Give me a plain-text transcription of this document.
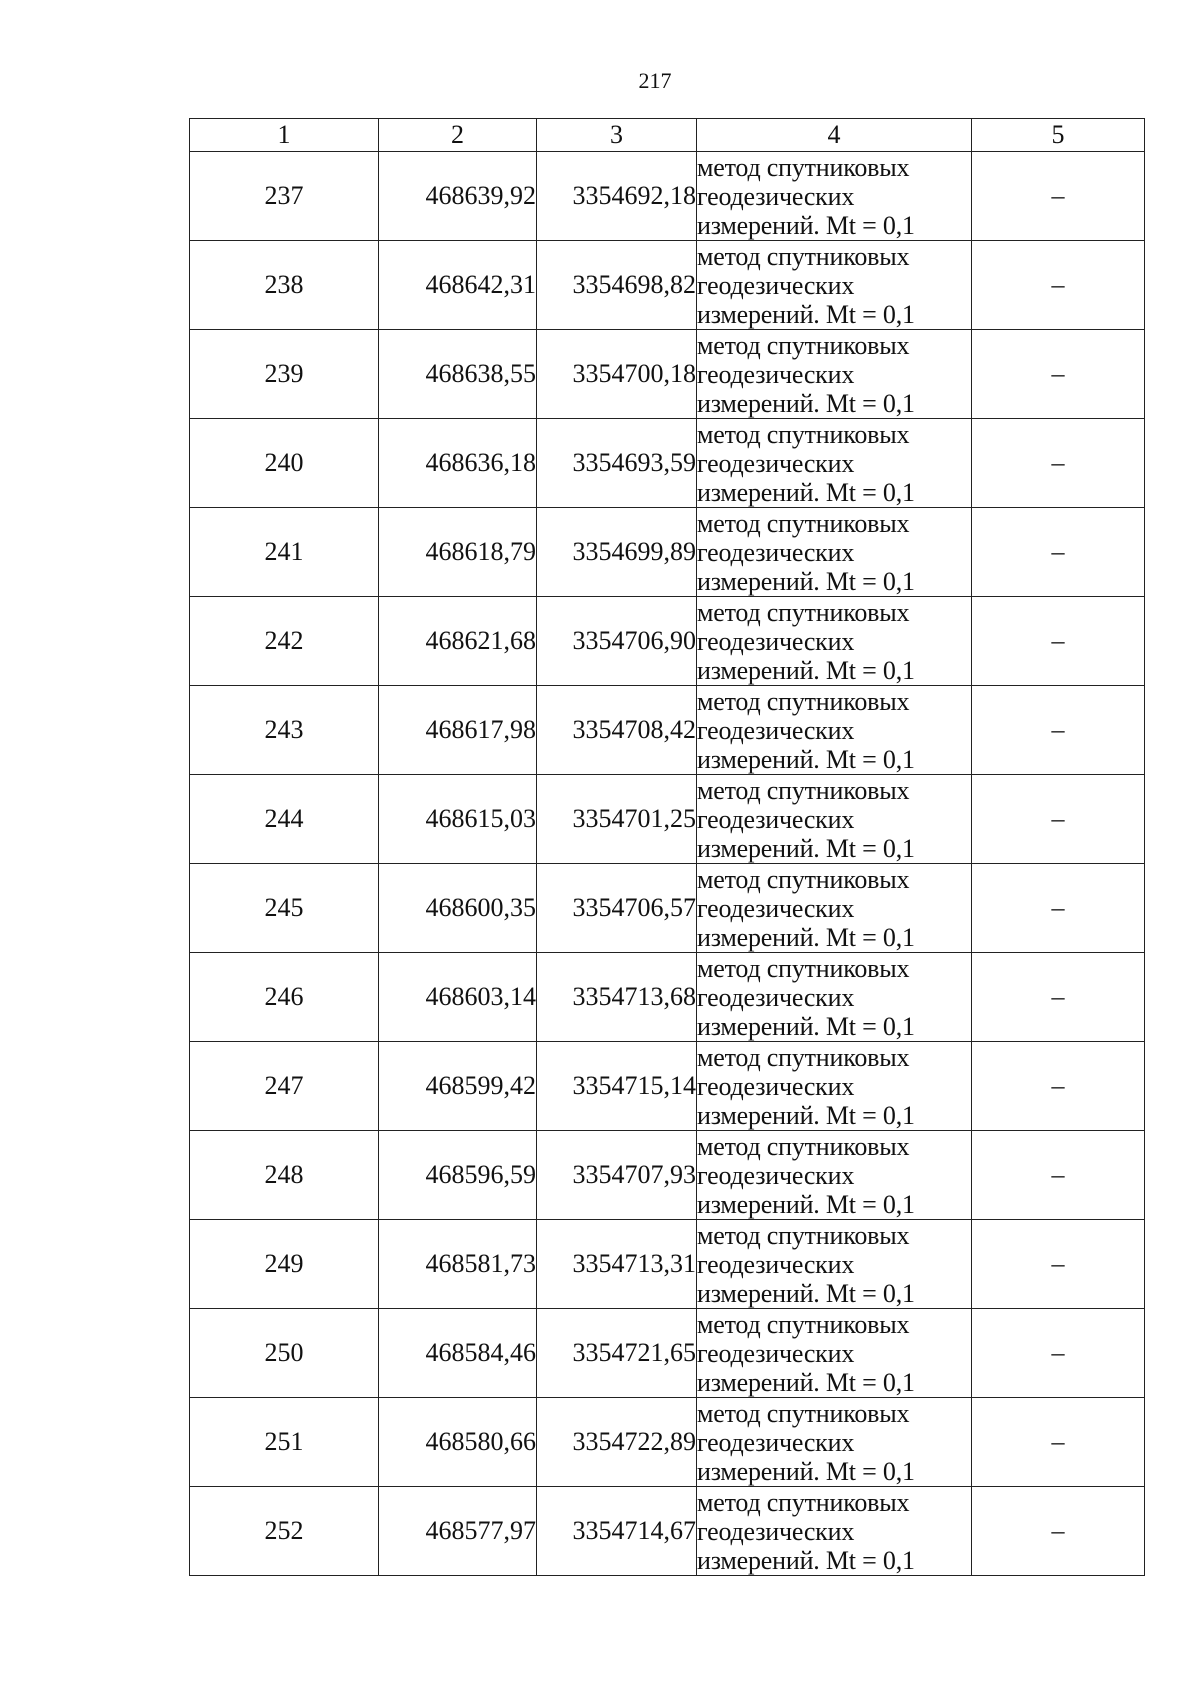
217
1	2	3	4	5
237	468639,92	3354692,18	метод спутниковых
геодезических
измерений. Mt = 0,1	–
238	468642,31	3354698,82	метод спутниковых
геодезических
измерений. Mt = 0,1	–
239	468638,55	3354700,18	метод спутниковых
геодезических
измерений. Mt = 0,1	–
240	468636,18	3354693,59	метод спутниковых
геодезических
измерений. Mt = 0,1	–
241	468618,79	3354699,89	метод спутниковых
геодезических
измерений. Mt = 0,1	–
242	468621,68	3354706,90	метод спутниковых
геодезических
измерений. Mt = 0,1	–
243	468617,98	3354708,42	метод спутниковых
геодезических
измерений. Mt = 0,1	–
244	468615,03	3354701,25	метод спутниковых
геодезических
измерений. Mt = 0,1	–
245	468600,35	3354706,57	метод спутниковых
геодезических
измерений. Mt = 0,1	–
246	468603,14	3354713,68	метод спутниковых
геодезических
измерений. Mt = 0,1	–
247	468599,42	3354715,14	метод спутниковых
геодезических
измерений. Mt = 0,1	–
248	468596,59	3354707,93	метод спутниковых
геодезических
измерений. Mt = 0,1	–
249	468581,73	3354713,31	метод спутниковых
геодезических
измерений. Mt = 0,1	–
250	468584,46	3354721,65	метод спутниковых
геодезических
измерений. Mt = 0,1	–
251	468580,66	3354722,89	метод спутниковых
геодезических
измерений. Mt = 0,1	–
252	468577,97	3354714,67	метод спутниковых
геодезических
измерений. Mt = 0,1	–
